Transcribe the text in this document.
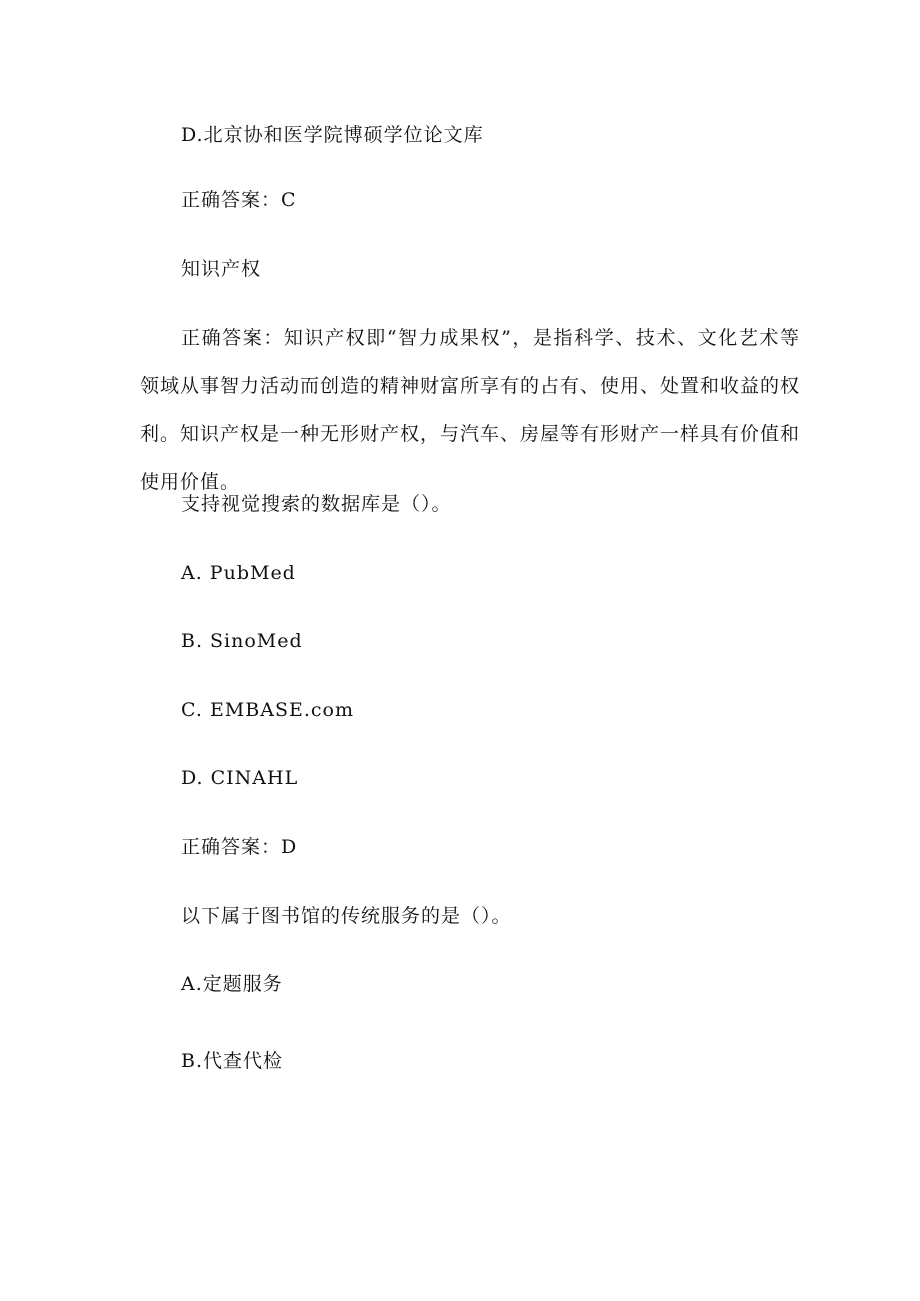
D.北京协和医学院博硕学位论文库
正确答案：C
知识产权

正确答案：知识产权即“智力成果权”，是指科学、技术、文化艺术等领域从事智力活动而创造的精神财富所享有的占有、使用、处置和收益的权利。知识产权是一种无形财产权，与汽车、房屋等有形财产一样具有价值和使用价值。

支持视觉搜索的数据库是（）。
A. PubMed
B. SinoMed
C. EMBASE.com
D. CINAHL
正确答案：D
以下属于图书馆的传统服务的是（）。
A.定题服务
B.代查代检
